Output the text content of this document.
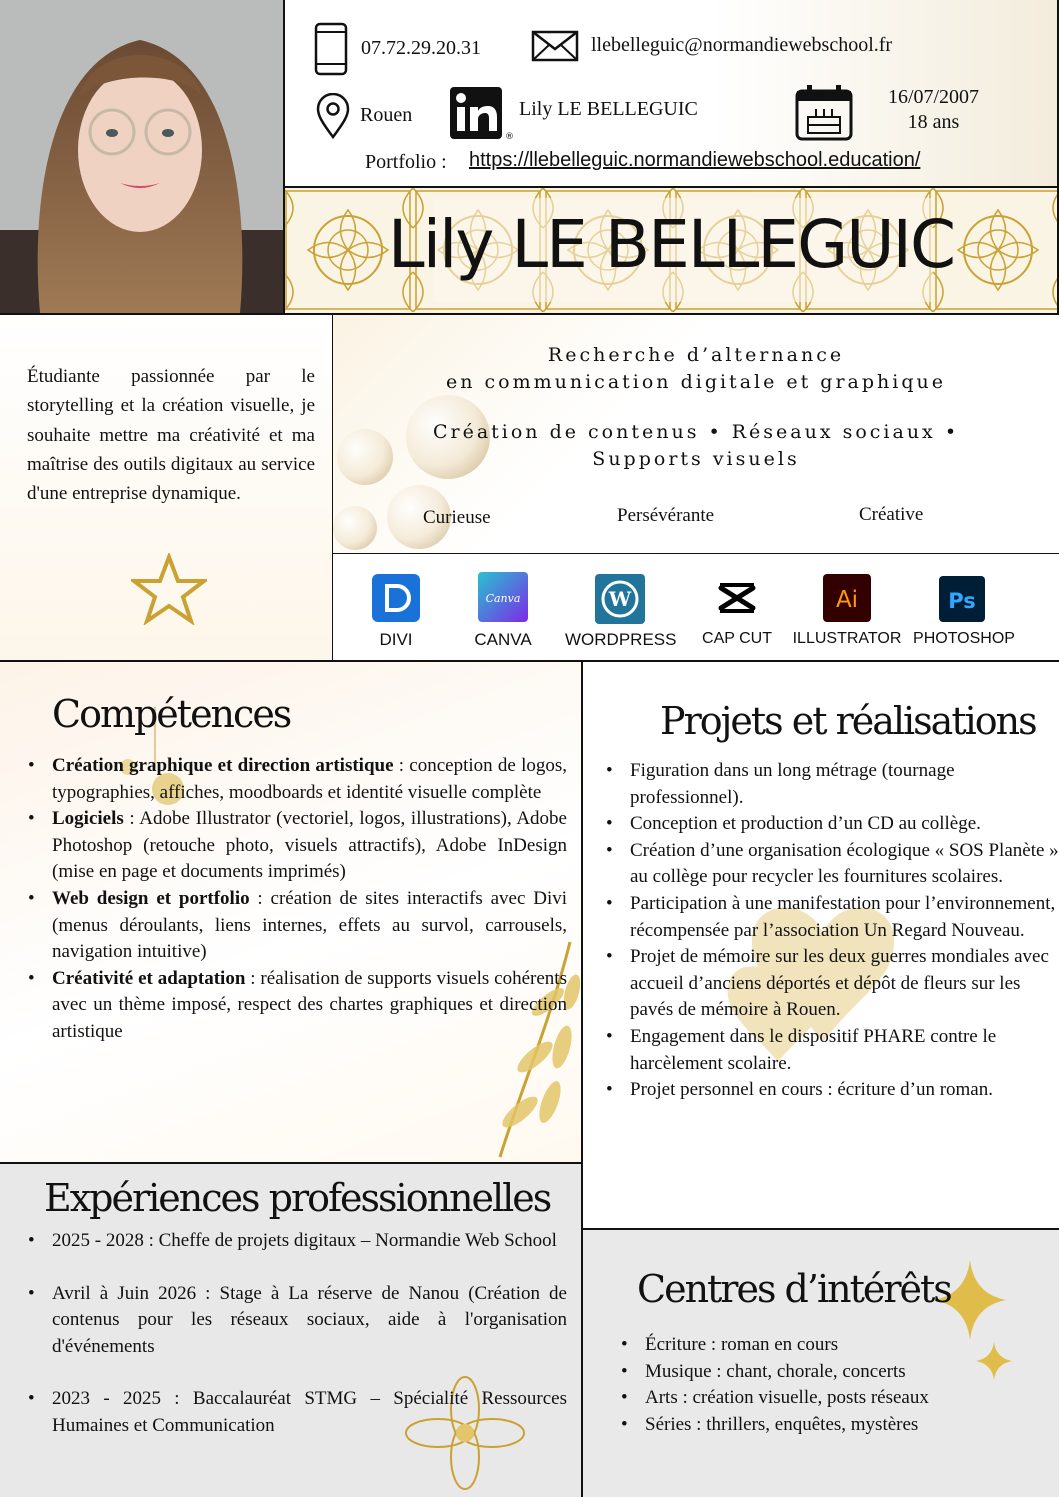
07.72.29.20.31	llebelleguic@normandiewebschool.fr
Rouen
®
Lily LE BELLEGUIC
16/07/2007
18 ans
Portfolio : https://llebelleguic.normandiewebschool.education/
Lily LE BELLEGUIC
Étudiante passionnée par le storytelling et la création visuelle, je souhaite mettre ma créativité et ma maîtrise des outils digitaux au service d'une entreprise dynamique.
Recherche d’alternance
en communication digitale et graphique
Création de contenus • Réseaux sociaux •
Supports visuels
Curieuse	Persévérante	Créative
DIVI
Canva
CANVA
W
WORDPRESS	CAP CUT
Ai
ILLUSTRATOR
Ps
PHOTOSHOP
Compétences
• Création graphique et direction artistique : conception de logos, typographies, affiches, moodboards et identité visuelle complète
• Logiciels : Adobe Illustrator (vectoriel, logos, illustrations), Adobe Photoshop (retouche photo, visuels attractifs), Adobe InDesign (mise en page et documents imprimés)
• Web design et portfolio : création de sites interactifs avec Divi (menus déroulants, liens internes, effets au survol, carrousels, navigation intuitive)
• Créativité et adaptation : réalisation de supports visuels cohérents avec un thème imposé, respect des chartes graphiques et direction artistique
Expériences professionnelles
• 2025 - 2028 : Cheffe de projets digitaux – Normandie Web School
• Avril à Juin 2026 : Stage à La réserve de Nanou (Création de contenus pour les réseaux sociaux, aide à l'organisation d'événements
• 2023 - 2025 : Baccalauréat STMG – Spécialité Ressources Humaines et Communication
Projets et réalisations
• Figuration dans un long métrage (tournage professionnel).
• Conception et production d’un CD au collège.
• Création d’une organisation écologique « SOS Planète » au collège pour recycler les fournitures scolaires.
• Participation à une manifestation pour l’environnement, récompensée par l’association Un Regard Nouveau.
• Projet de mémoire sur les deux guerres mondiales avec accueil d’anciens déportés et dépôt de fleurs sur les pavés de mémoire à Rouen.
• Engagement dans le dispositif PHARE contre le harcèlement scolaire.
• Projet personnel en cours : écriture d’un roman.
Centres d’intérêts
• Écriture : roman en cours
• Musique : chant, chorale, concerts
• Arts : création visuelle, posts réseaux
• Séries : thrillers, enquêtes, mystères
